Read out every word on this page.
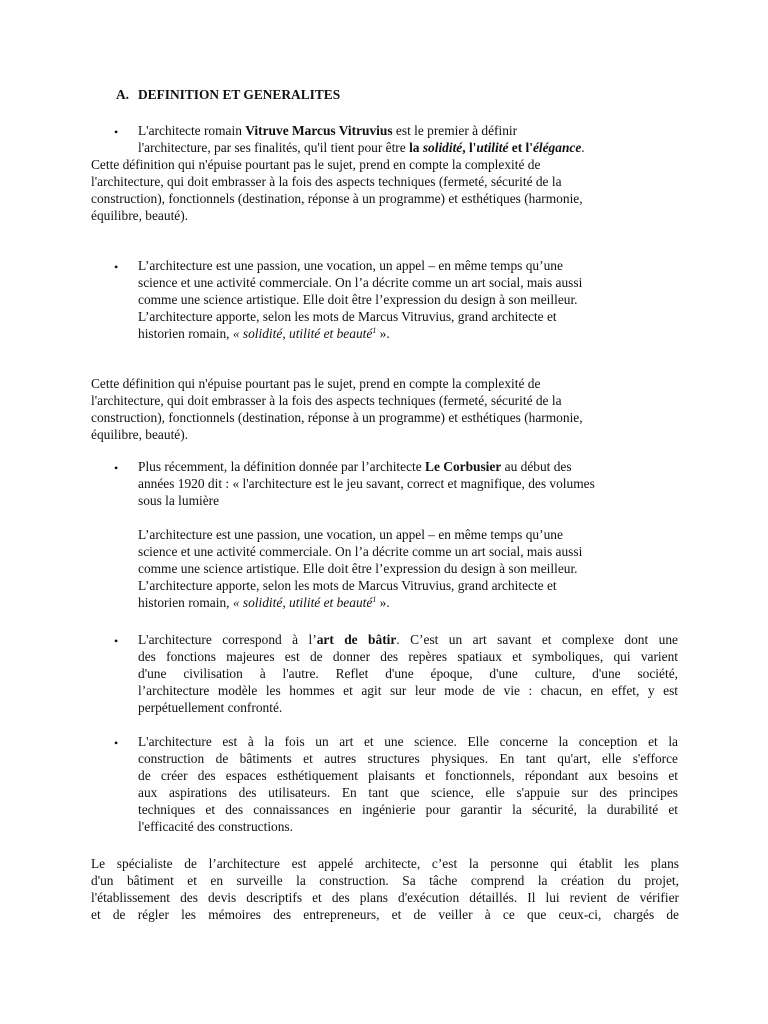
A. DEFINITION ET GENERALITES
• L'architecte romain Vitruve Marcus Vitruvius est le premier à définir
l'architecture, par ses finalités, qu'il tient pour être la solidité, l'utilité et l'élégance.
Cette définition qui n'épuise pourtant pas le sujet, prend en compte la complexité de
l'architecture, qui doit embrasser à la fois des aspects techniques (fermeté, sécurité de la
construction), fonctionnels (destination, réponse à un programme) et esthétiques (harmonie,
équilibre, beauté).
• L’architecture est une passion, une vocation, un appel – en même temps qu’une
science et une activité commerciale. On l’a décrite comme un art social, mais aussi
comme une science artistique. Elle doit être l’expression du design à son meilleur.
L’architecture apporte, selon les mots de Marcus Vitruvius, grand architecte et
historien romain, « solidité, utilité et beauté$^1$ ».
Cette définition qui n'épuise pourtant pas le sujet, prend en compte la complexité de
l'architecture, qui doit embrasser à la fois des aspects techniques (fermeté, sécurité de la
construction), fonctionnels (destination, réponse à un programme) et esthétiques (harmonie,
équilibre, beauté).
• Plus récemment, la définition donnée par l’architecte Le Corbusier au début des
années 1920 dit : « l'architecture est le jeu savant, correct et magnifique, des volumes
sous la lumière
L’architecture est une passion, une vocation, un appel – en même temps qu’une
science et une activité commerciale. On l’a décrite comme un art social, mais aussi
comme une science artistique. Elle doit être l’expression du design à son meilleur.
L’architecture apporte, selon les mots de Marcus Vitruvius, grand architecte et
historien romain, « solidité, utilité et beauté$^1$ ».
• L'architecture correspond à l’art de bâtir. C’est un art savant et complexe dont une
des fonctions majeures est de donner des repères spatiaux et symboliques, qui varient
d'une civilisation à l'autre. Reflet d'une époque, d'une culture, d'une société,
l’architecture modèle les hommes et agit sur leur mode de vie : chacun, en effet, y est
perpétuellement confronté.
• L'architecture est à la fois un art et une science. Elle concerne la conception et la
construction de bâtiments et autres structures physiques. En tant qu'art, elle s'efforce
de créer des espaces esthétiquement plaisants et fonctionnels, répondant aux besoins et
aux aspirations des utilisateurs. En tant que science, elle s'appuie sur des principes
techniques et des connaissances en ingénierie pour garantir la sécurité, la durabilité et
l'efficacité des constructions.
Le spécialiste de l’architecture est appelé architecte, c’est la personne qui établit les plans
d'un bâtiment et en surveille la construction. Sa tâche comprend la création du projet,
l'établissement des devis descriptifs et des plans d'exécution détaillés. Il lui revient de vérifier
et de régler les mémoires des entrepreneurs, et de veiller à ce que ceux-ci, chargés de
